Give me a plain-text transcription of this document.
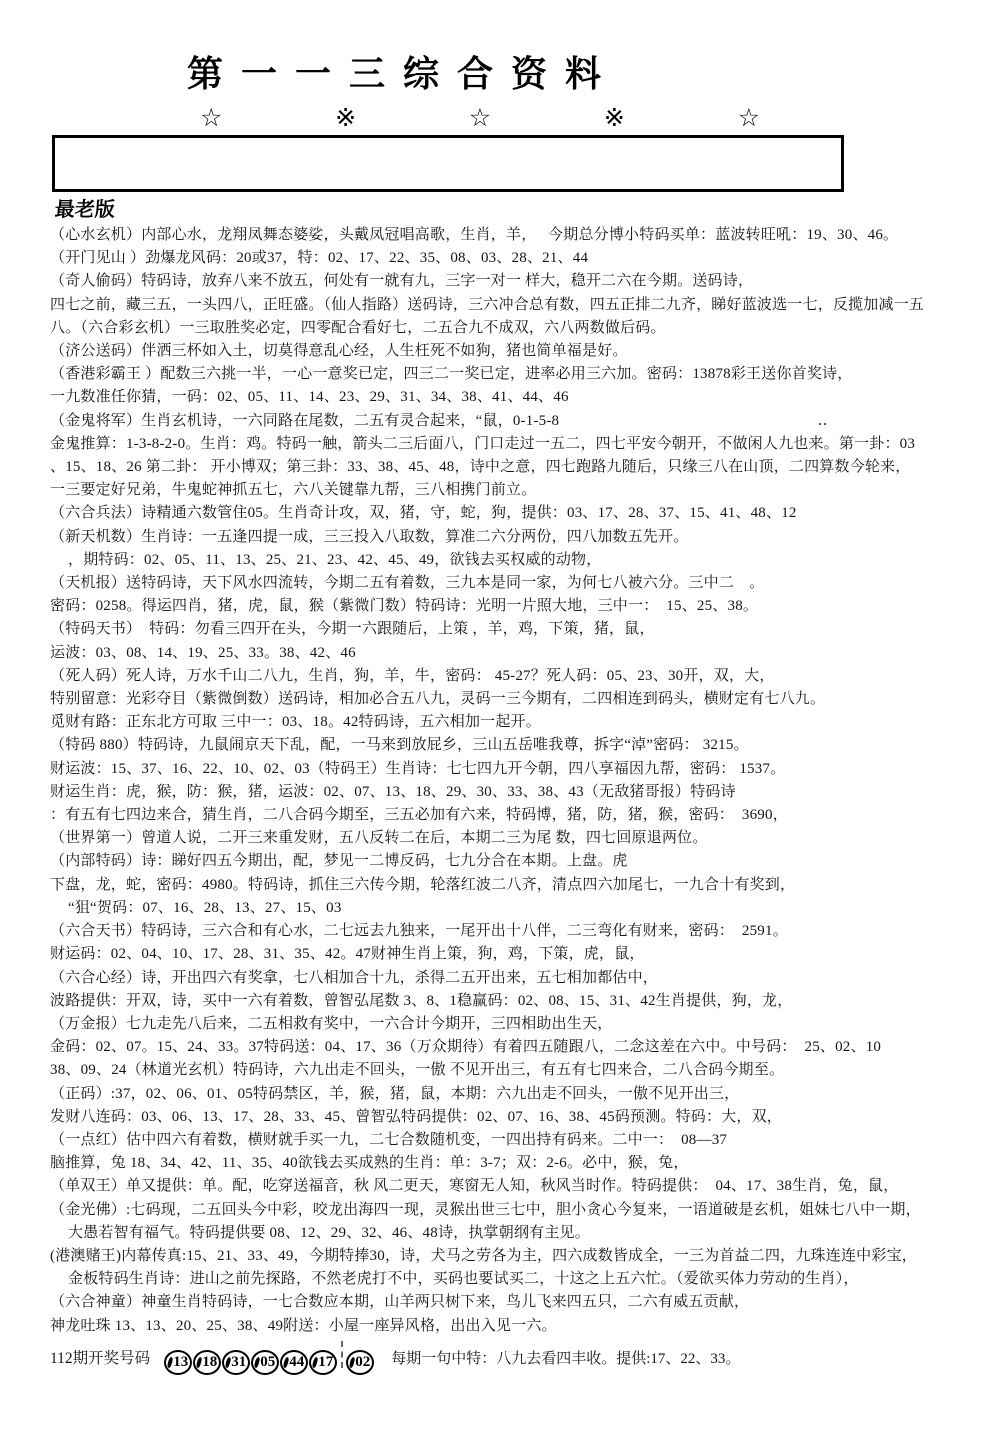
第一一三综合资料
☆	※	☆	※	☆
最老版
（心水玄机）内部心水，龙翔凤舞态婆娑，头戴凤冠唱高歌，生肖，羊，　 今期总分博小特码买单：蓝波转旺吼：19、30、46。
（开门见山 ）劲爆龙风码：20或37，特：02、17、22、35、08、03、28、21、44
（奇人偷码）特码诗，放弃八来不放五，何处有一就有九，三字一对一 样大，稳开二六在今期。送码诗，
四七之前，藏三五，一头四八，正旺盛。（仙人指路）送码诗，三六冲合总有数，四五正排二九齐，睇好蓝波选一七，反揽加减一五
八。（六合彩玄机）一三取胜奖必定，四零配合看好七，二五合九不成双，六八两数做后码。
（济公送码）伴洒三杯如入土，切莫得意乱心经，人生枉死不如狗，猪也简单福是好。
（香港彩霸王 ）配数三六挑一半，一心一意奖已定，四三二一奖已定，进率必用三六加。密码：13878彩王送你首奖诗，
一九数准任你猜，一码：02、05、11、14、23、29、31、34、38、41、44、46
（金鬼将军）生肖玄机诗，一六同路在尾数，二五有灵合起来，“鼠，0-1-5-8　　　　　　　　　　　　　　　　　‥
金鬼推算：1-3-8-2-0。生肖：鸡。特码一触，箭头二三后面八，门口走过一五二，四七平安今朝开，不做闲人九也来。第一卦：03
、15、18、26 第二卦： 开小博双；第三卦：33、38、45、48，诗中之意，四七跑路九随后，只缘三八在山顶，二四算数今轮来，
一三要定好兄弟，牛鬼蛇神抓五七，六八关键靠九帮，三八相携门前立。
（六合兵法）诗精通六数管住05。生肖奇计攻，双，猪，守，蛇，狗，提供：03、17、28、37、15、41、48、12
（新天机数）生肖诗：一五逢四提一成，三三投入八取数，算准二六分两份，四八加数五先开。
，期特码：02、05、11、13、25、21、23、42、45、49，欲钱去买权威的动物，
（天机报）送特码诗，天下风水四流转，今期二五有着数，三九本是同一家，为何七八被六分。三中二　。
密码：0258。得运四肖，猪，虎，鼠，猴（紫微门数）特码诗：光明一片照大地，三中一：  15、25、38。
（特码天书）  特码：勿看三四开在头，今期一六跟随后，上策 ，羊，鸡，下策，猪，鼠，
运波：03、08、14、19、25、33。38、42、46
（死人码）死人诗，万水千山二八九，生肖，狗，羊，牛，密码： 45-27？死人码：05、23、30开，双，大，
特别留意：光彩夺目（紫微倒数）送码诗，相加必合五八九，灵码一三今期有，二四相连到码头，横财定有七八九。
觅财有路：正东北方可取 三中一：03、18。42特码诗，五六相加一起开。
（特码 880）特码诗，九鼠闹京天下乱，配，一马来到放屁乡，三山五岳唯我尊，拆字“淖”密码： 3215。
财运波：15、37、16、22、10、02、03（特码王）生肖诗：七七四九开今朝，四八享福因九帮，密码： 1537。
财运生肖：虎，猴，防：猴，猪，运波：02、07、13、18、29、30、33、38、43（无敌猪哥报）特码诗
：有五有七四边来合，猜生肖，二八合码今期至，三五必加有六来，特码博，猪，防，猪，猴，密码：  3690，
（世界第一）曾道人说，二开三来重发财，五八反转二在后，本期二三为尾 数，四七回原退两位。
（内部特码）诗：睇好四五今期出，配，梦见一二博反码，七九分合在本期。上盘。虎
下盘，龙，蛇，密码：4980。特码诗，抓住三六传今期，轮落红波二八齐，清点四六加尾七，一九合十有奖到，
“狙“贺码：07、16、28、13、27、15、03
（六合天书）特码诗，三六合和有心水，二七远去九独来，一尾开出十八伴，二三弯化有财来，密码：  2591。
财运码：02、04、10、17、28、31、35、42。47财神生肖上策，狗，鸡，下策，虎，鼠，
（六合心经）诗，开出四六有奖拿，七八相加合十九，杀得二五开出来，五七相加都估中，
波路提供：开双，诗，买中一六有着数，曾智弘尾数 3、8、1稳赢码：02、08、15、31、42生肖提供，狗，龙，
（万金报）七九走先八后来，二五相救有奖中，一六合计今期开，三四相助出生天，
金码：02、07。15、24、33。37特码送：04、17、36（万众期待）有着四五随跟八，二念这差在六中。中号码：  25、02、10
38、09、24（林道光玄机）特码诗，六九出走不回头，一傲 不见开出三，有五有七四来合，二八合码今期至。
（正码）:37，02、06、01、05特码禁区，羊，猴，猪，鼠，本期：六九出走不回头，一傲不见开出三，
发财八连码：03、06、13、17、28、33、45、曾智弘特码提供：02、07、16、38、45码预测。特码：大，双，
（一点红）估中四六有着数，横财就手买一九，二七合数随机变，一四出持有码来。二中一：  08—37
脑推算，兔 18、34、42、11、35、40欲钱去买成熟的生肖：单：3-7；双：2-6。必中，猴，兔，
（单双王）单又提供：单。配，吃穿送福音，秋 风二更天，寒窗无人知，秋风当时作。特码提供：  04、17、38生肖，兔，鼠，
（金光佛）:七码现，二五回头今中彩，咬龙出海四一现，灵猴出世三七中，胆小贪心今复来，一语道破是玄机，姐妹七八中一期，
大愚若智有福气。特码提供要 08、12、29、32、46、48诗，执掌朝纲有主见。
(港澳赌王)内幕传真:15、21、33、49，今期特捧30，诗，犬马之劳各为主，四六成数皆成全，一三为首益二四，九珠连连中彩宝，
金板特码生肖诗：进山之前先探路，不然老虎打不中，买码也要试买二，十这之上五六忙。（爱欲买体力劳动的生肖），
（六合神童）神童生肖特码诗，一七合数应本期，山羊两只树下来，鸟儿飞来四五只，二六有威五贡献，
神龙吐珠 13、13、20、25、38、49附送：小屋一座异风格，出出入见一六。
112期开奖号码	13 18 31 05 44 17 02	每期一句中特：八九去看四丰收。提供:17、22、33。
